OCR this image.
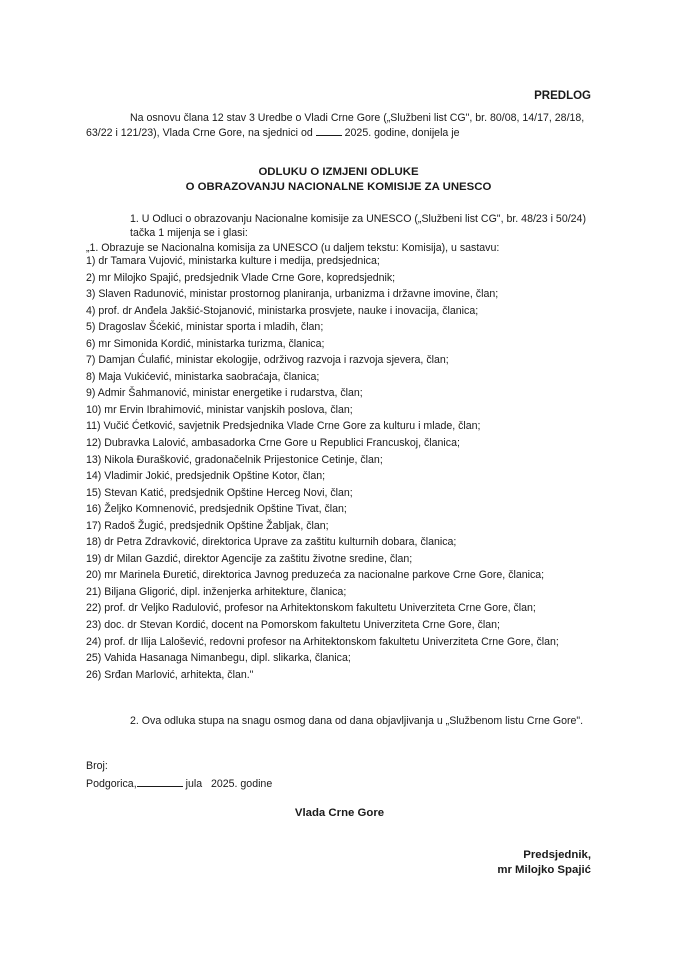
PREDLOG
Na osnovu člana 12 stav 3 Uredbe o Vladi Crne Gore („Službeni list CG", br. 80/08, 14/17, 28/18, 63/22 i 121/23), Vlada Crne Gore, na sjednici od	2025. godine, donijela je
ODLUKU O IZMJENI ODLUKE
O OBRAZOVANJU NACIONALNE KOMISIJE ZA UNESCO
1. U Odluci o obrazovanju Nacionalne komisije za UNESCO („Službeni list CG", br. 48/23 i 50/24) tačka 1 mijenja se i glasi:
„1. Obrazuje se Nacionalna komisija za UNESCO (u daljem tekstu: Komisija), u sastavu:
1) dr Tamara Vujović, ministarka kulture i medija, predsjednica;
2) mr Milojko Spajić, predsjednik Vlade Crne Gore, kopredsjednik;
3) Slaven Radunović, ministar prostornog planiranja, urbanizma i državne imovine, član;
4) prof. dr Anđela Jakšić-Stojanović, ministarka prosvjete, nauke i inovacija, članica;
5) Dragoslav Šćekić, ministar sporta i mladih, član;
6) mr Simonida Kordić, ministarka turizma, članica;
7) Damjan Ćulafić, ministar ekologije, održivog razvoja i razvoja sjevera, član;
8) Maja Vukićević, ministarka saobraćaja, članica;
9) Admir Šahmanović, ministar energetike i rudarstva, član;
10) mr Ervin Ibrahimović, ministar vanjskih poslova, član;
11) Vučić Ćetković, savjetnik Predsjednika Vlade Crne Gore za kulturu i mlade, član;
12) Dubravka Lalović, ambasadorka Crne Gore u Republici Francuskoj, članica;
13) Nikola Đurašković, gradonačelnik Prijestonice Cetinje, član;
14) Vladimir Jokić, predsjednik Opštine Kotor, član;
15) Stevan Katić, predsjednik Opštine Herceg Novi, član;
16) Željko Komnenović, predsjednik Opštine Tivat, član;
17) Radoš Žugić, predsjednik Opštine Žabljak, član;
18) dr Petra Zdravković, direktorica Uprave za zaštitu kulturnih dobara, članica;
19) dr Milan Gazdić, direktor Agencije za zaštitu životne sredine, član;
20) mr Marinela Đuretić, direktorica Javnog preduzeća za nacionalne parkove Crne Gore, članica;
21) Biljana Gligorić, dipl. inženjerka arhitekture, članica;
22) prof. dr Veljko Radulović, profesor na Arhitektonskom fakultetu Univerziteta Crne Gore, član;
23) doc. dr Stevan Kordić, docent na Pomorskom fakultetu Univerziteta Crne Gore, član;
24) prof. dr Ilija Lalošević, redovni profesor na Arhitektonskom fakultetu Univerziteta Crne Gore, član;
25) Vahida Hasanaga Nimanbegu, dipl. slikarka, članica;
26) Srđan Marlović, arhitekta, član."
2. Ova odluka stupa na snagu osmog dana od dana objavljivanja u „Službenom listu Crne Gore".
Broj:
Podgorica,	jula 2025. godine
Vlada Crne Gore
Predsjednik,
mr Milojko Spajić
